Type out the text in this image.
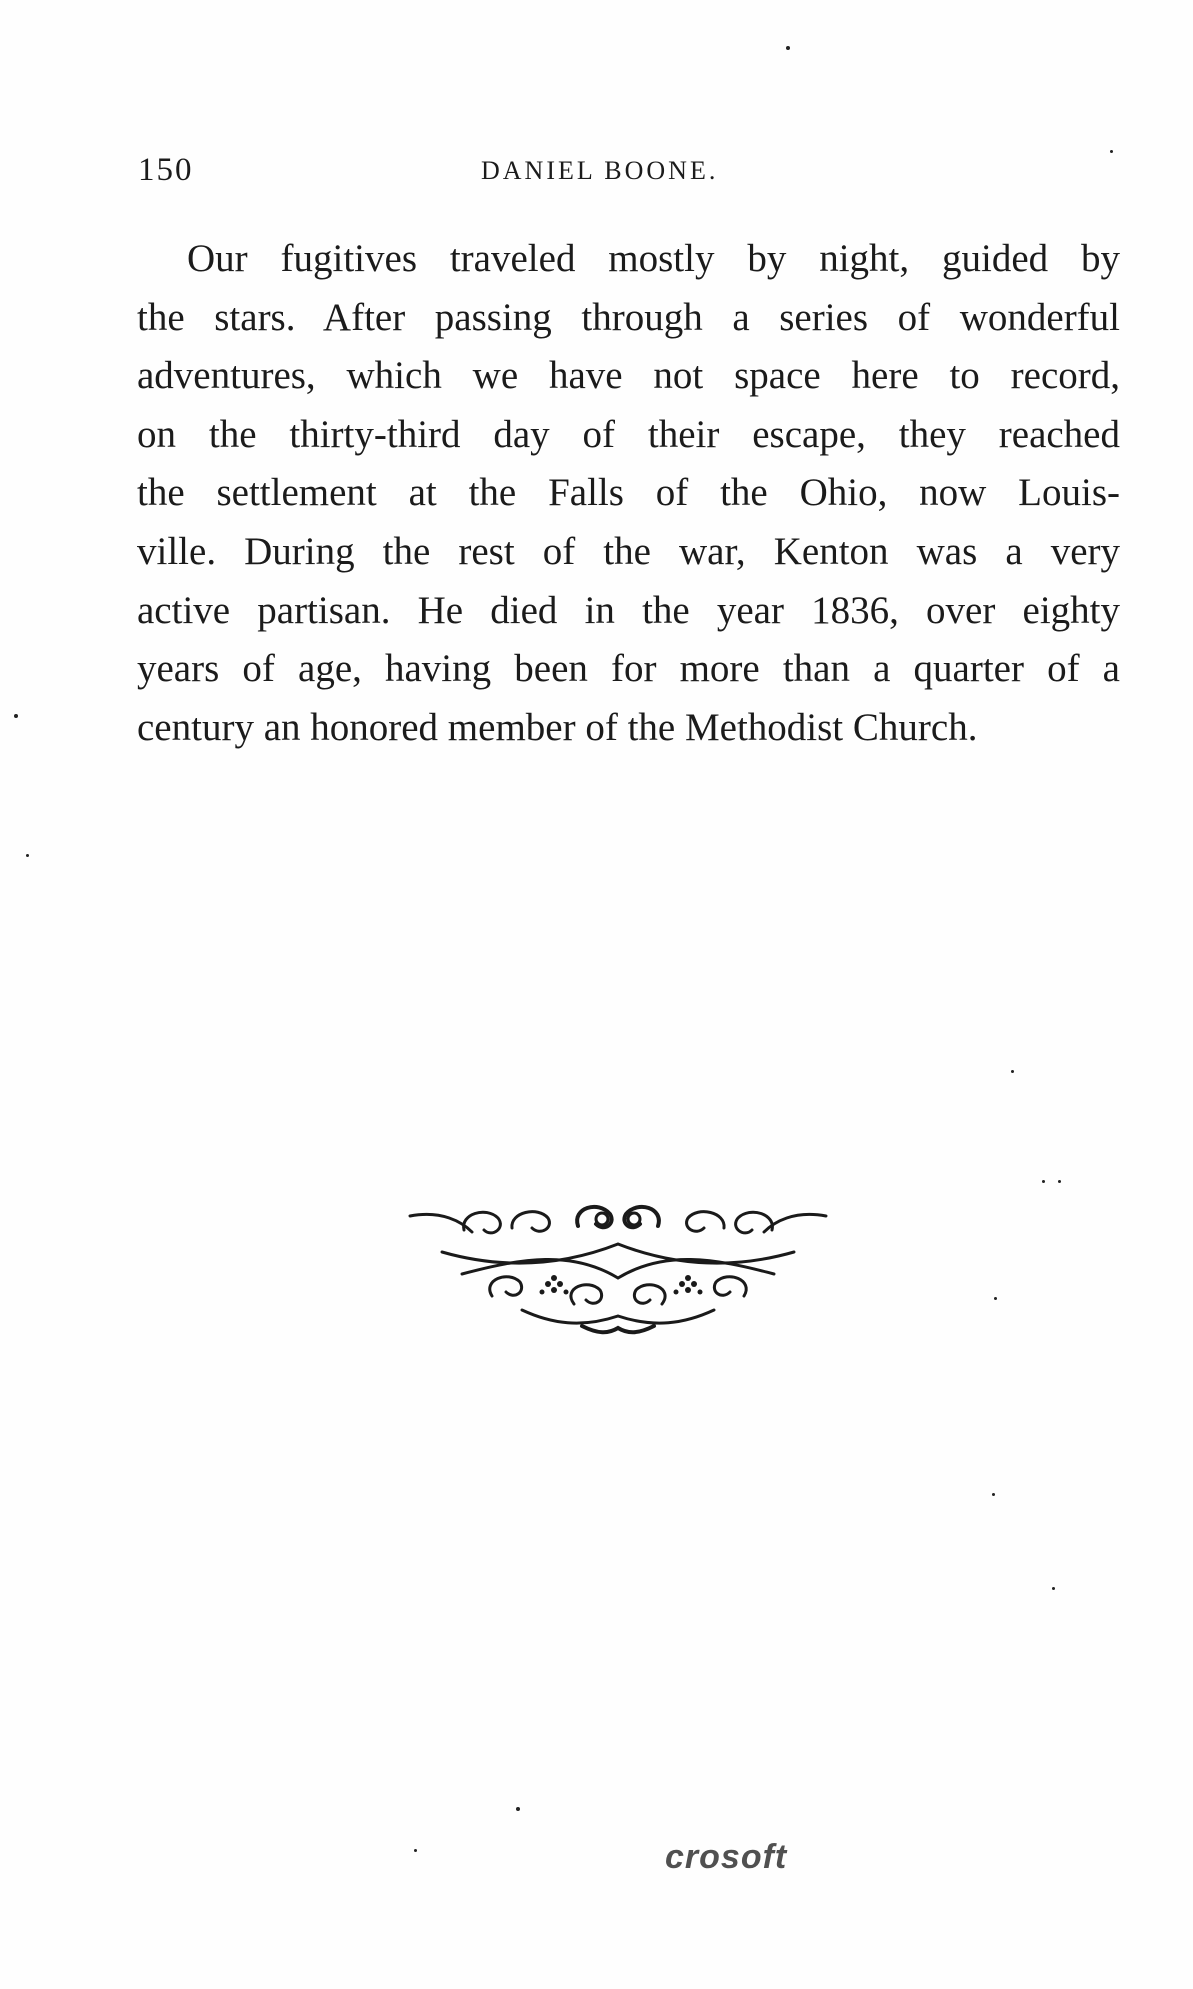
150	DANIEL BOONE.
Our fugitives traveled mostly by night, guided by
the stars. After passing through a series of wonderful
adventures, which we have not space here to record,
on the thirty-third day of their escape, they reached
the settlement at the Falls of the Ohio, now Louis-
ville. During the rest of the war, Kenton was a very
active partisan. He died in the year 1836, over eighty
years of age, having been for more than a quarter of a
century an honored member of the Methodist Church.
crosoft
